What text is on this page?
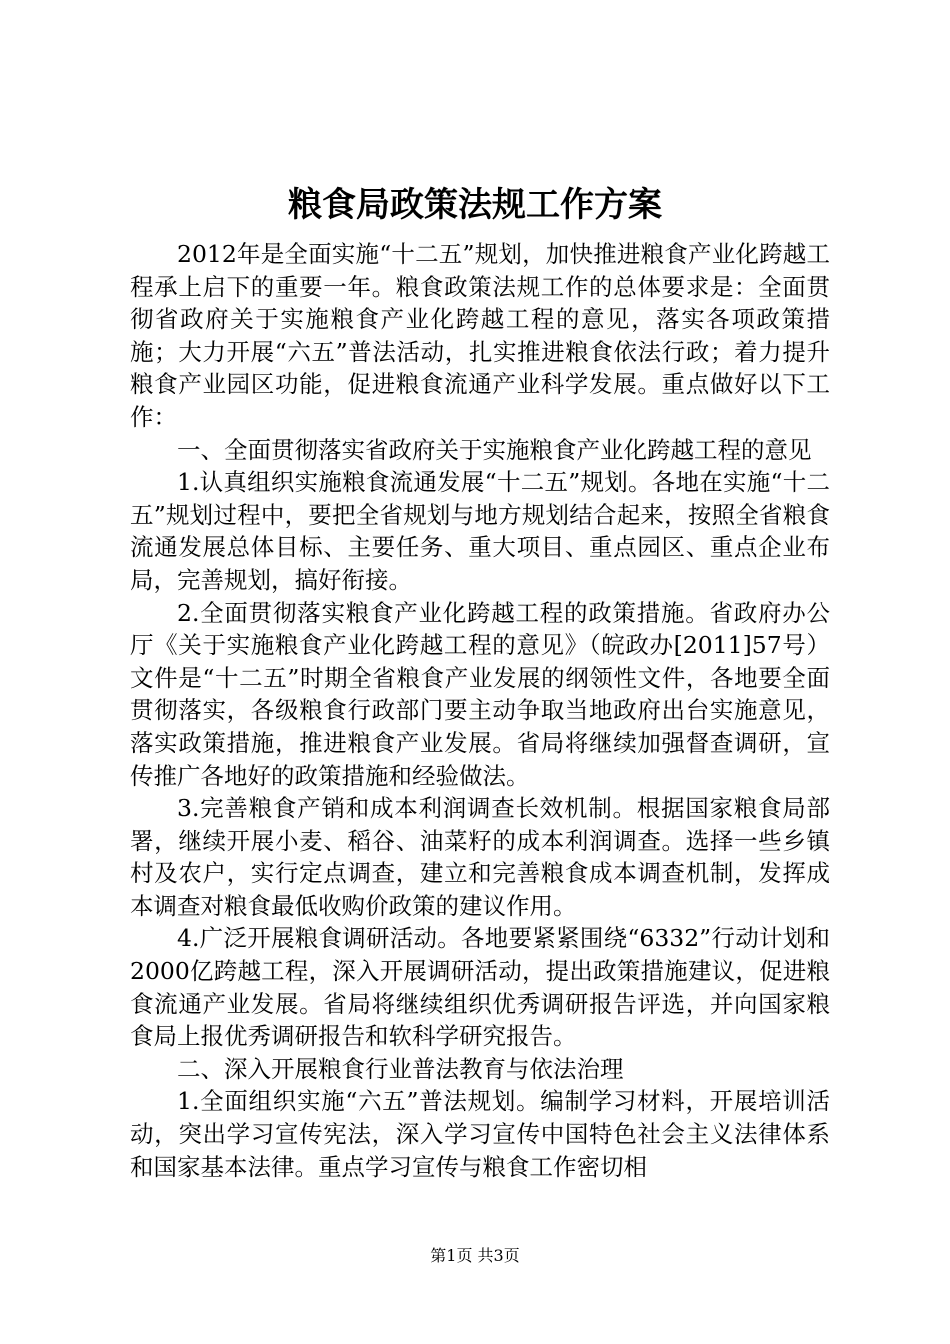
粮食局政策法规工作方案

2012年是全面实施“十二五”规划，加快推进粮食产业化跨越工程承上启下的重要一年。粮食政策法规工作的总体要求是：全面贯彻省政府关于实施粮食产业化跨越工程的意见，落实各项政策措施；大力开展“六五”普法活动，扎实推进粮食依法行政；着力提升粮食产业园区功能，促进粮食流通产业科学发展。重点做好以下工作：

一、全面贯彻落实省政府关于实施粮食产业化跨越工程的意见

1.认真组织实施粮食流通发展“十二五”规划。各地在实施“十二五”规划过程中，要把全省规划与地方规划结合起来，按照全省粮食流通发展总体目标、主要任务、重大项目、重点园区、重点企业布局，完善规划，搞好衔接。

2.全面贯彻落实粮食产业化跨越工程的政策措施。省政府办公厅《关于实施粮食产业化跨越工程的意见》（皖政办[2011]57号）文件是“十二五”时期全省粮食产业发展的纲领性文件，各地要全面贯彻落实，各级粮食行政部门要主动争取当地政府出台实施意见，落实政策措施，推进粮食产业发展。省局将继续加强督查调研，宣传推广各地好的政策措施和经验做法。

3.完善粮食产销和成本利润调查长效机制。根据国家粮食局部署，继续开展小麦、稻谷、油菜籽的成本利润调查。选择一些乡镇村及农户，实行定点调查，建立和完善粮食成本调查机制，发挥成本调查对粮食最低收购价政策的建议作用。

4.广泛开展粮食调研活动。各地要紧紧围绕“6332”行动计划和2000亿跨越工程，深入开展调研活动，提出政策措施建议，促进粮食流通产业发展。省局将继续组织优秀调研报告评选，并向国家粮食局上报优秀调研报告和软科学研究报告。

二、深入开展粮食行业普法教育与依法治理

1.全面组织实施“六五”普法规划。编制学习材料，开展培训活动，突出学习宣传宪法，深入学习宣传中国特色社会主义法律体系和国家基本法律。重点学习宣传与粮食工作密切相

第1页 共3页
